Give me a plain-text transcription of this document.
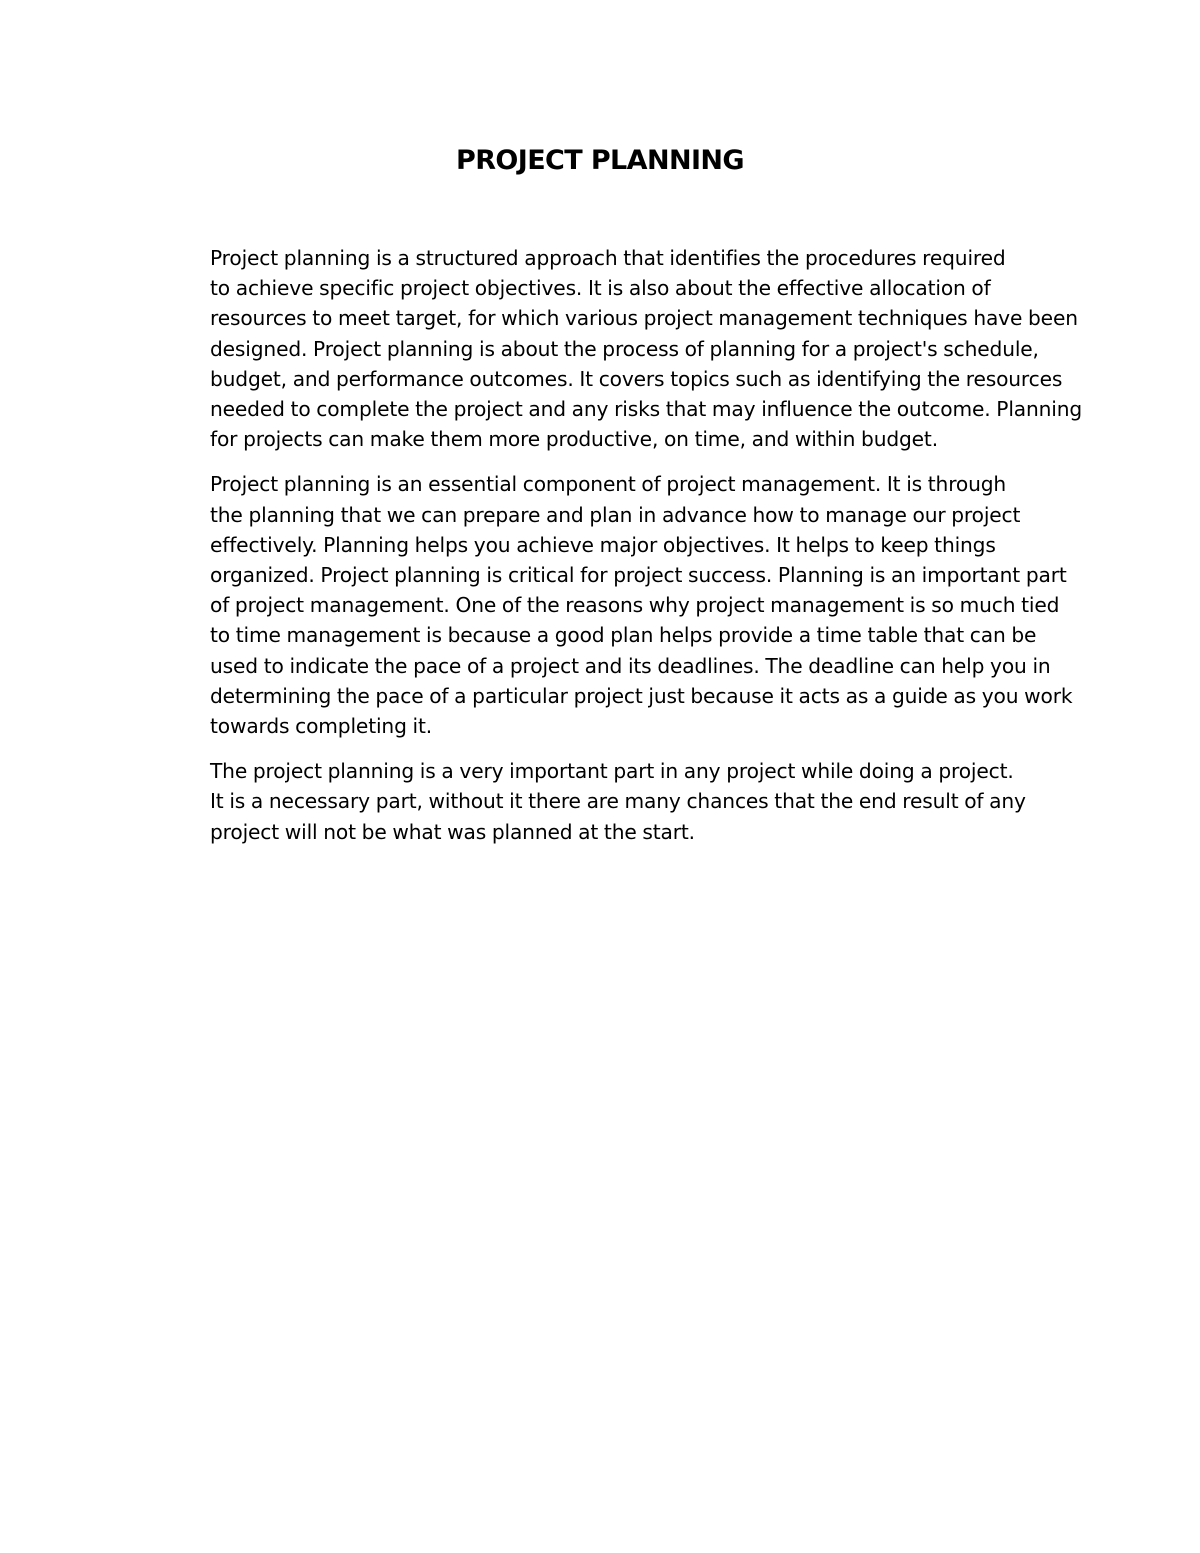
PROJECT PLANNING

Project planning is a structured approach that identifies the procedures required
to achieve specific project objectives. It is also about the effective allocation of
resources to meet target, for which various project management techniques have been
designed. Project planning is about the process of planning for a project's schedule,
budget, and performance outcomes. It covers topics such as identifying the resources
needed to complete the project and any risks that may influence the outcome. Planning
for projects can make them more productive, on time, and within budget.

Project planning is an essential component of project management. It is through
the planning that we can prepare and plan in advance how to manage our project
effectively. Planning helps you achieve major objectives. It helps to keep things
organized. Project planning is critical for project success. Planning is an important part
of project management. One of the reasons why project management is so much tied
to time management is because a good plan helps provide a time table that can be
used to indicate the pace of a project and its deadlines. The deadline can help you in
determining the pace of a particular project just because it acts as a guide as you work
towards completing it.

The project planning is a very important part in any project while doing a project.
It is a necessary part, without it there are many chances that the end result of any
project will not be what was planned at the start.
